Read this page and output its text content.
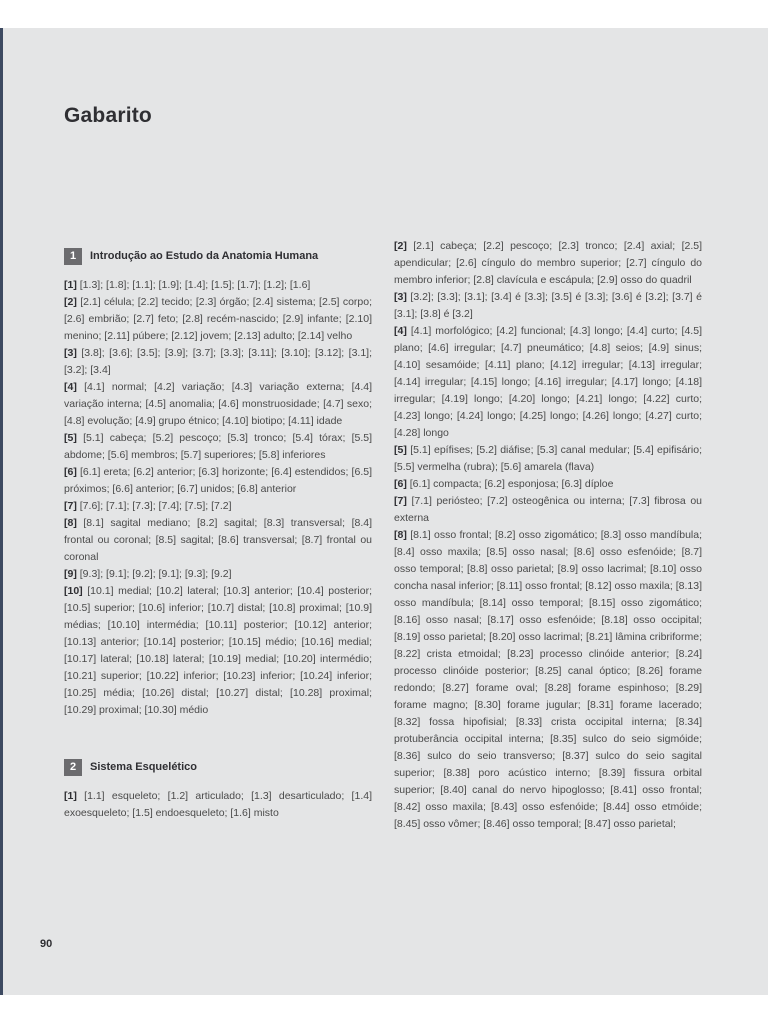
Gabarito
1	Introdução ao Estudo da Anatomia Humana

[1] [1.3]; [1.8]; [1.1]; [1.9]; [1.4]; [1.5]; [1.7]; [1.2]; [1.6]

[2] [2.1] célula; [2.2] tecido; [2.3] órgão; [2.4] sistema; [2.5] corpo; [2.6] embrião; [2.7] feto; [2.8] recém-nascido; [2.9] infante; [2.10] menino; [2.11] púbere; [2.12] jovem; [2.13] adulto; [2.14] velho

[3] [3.8]; [3.6]; [3.5]; [3.9]; [3.7]; [3.3]; [3.11]; [3.10]; [3.12]; [3.1]; [3.2]; [3.4]

[4] [4.1] normal; [4.2] variação; [4.3] variação externa; [4.4] variação interna; [4.5] anomalia; [4.6] monstruosidade; [4.7] sexo; [4.8] evolução; [4.9] grupo étnico; [4.10] biotipo; [4.11] idade

[5] [5.1] cabeça; [5.2] pescoço; [5.3] tronco; [5.4] tórax; [5.5] abdome; [5.6] membros; [5.7] superiores; [5.8] inferiores

[6] [6.1] ereta; [6.2] anterior; [6.3] horizonte; [6.4] estendidos; [6.5] próximos; [6.6] anterior; [6.7] unidos; [6.8] anterior

[7] [7.6]; [7.1]; [7.3]; [7.4]; [7.5]; [7.2]

[8] [8.1] sagital mediano; [8.2] sagital; [8.3] transversal; [8.4] frontal ou coronal; [8.5] sagital; [8.6] transversal; [8.7] frontal ou coronal

[9] [9.3]; [9.1]; [9.2]; [9.1]; [9.3]; [9.2]

[10] [10.1] medial; [10.2] lateral; [10.3] anterior; [10.4] posterior; [10.5] superior; [10.6] inferior; [10.7] distal; [10.8] proximal; [10.9] médias; [10.10] intermédia; [10.11] posterior; [10.12] anterior; [10.13] anterior; [10.14] posterior; [10.15] médio; [10.16] medial; [10.17] lateral; [10.18] lateral; [10.19] medial; [10.20] intermédio; [10.21] superior; [10.22] inferior; [10.23] inferior; [10.24] inferior; [10.25] média; [10.26] distal; [10.27] distal; [10.28] proximal; [10.29] proximal; [10.30] médio

2	Sistema Esquelético

[1] [1.1] esqueleto; [1.2] articulado; [1.3] desarticulado; [1.4] exoesqueleto; [1.5] endoesqueleto; [1.6] misto

[2] [2.1] cabeça; [2.2] pescoço; [2.3] tronco; [2.4] axial; [2.5] apendicular; [2.6] cíngulo do membro superior; [2.7] cíngulo do membro inferior; [2.8] clavícula e escápula; [2.9] osso do quadril

[3] [3.2]; [3.3]; [3.1]; [3.4] é [3.3]; [3.5] é [3.3]; [3.6] é [3.2]; [3.7] é [3.1]; [3.8] é [3.2]

[4] [4.1] morfológico; [4.2] funcional; [4.3] longo; [4.4] curto; [4.5] plano; [4.6] irregular; [4.7] pneumático; [4.8] seios; [4.9] sinus; [4.10] sesamóide; [4.11] plano; [4.12] irregular; [4.13] irregular; [4.14] irregular; [4.15] longo; [4.16] irregular; [4.17] longo; [4.18] irregular; [4.19] longo; [4.20] longo; [4.21] longo; [4.22] curto; [4.23] longo; [4.24] longo; [4.25] longo; [4.26] longo; [4.27] curto; [4.28] longo

[5] [5.1] epífises; [5.2] diáfise; [5.3] canal medular; [5.4] epifisário; [5.5] vermelha (rubra); [5.6] amarela (flava)

[6] [6.1] compacta; [6.2] esponjosa; [6.3] díploe

[7] [7.1] periósteo; [7.2] osteogênica ou interna; [7.3] fibrosa ou externa

[8] [8.1] osso frontal; [8.2] osso zigomático; [8.3] osso mandíbula; [8.4] osso maxila; [8.5] osso nasal; [8.6] osso esfenóide; [8.7] osso temporal; [8.8] osso parietal; [8.9] osso lacrimal; [8.10] osso concha nasal inferior; [8.11] osso frontal; [8.12] osso maxila; [8.13] osso mandíbula; [8.14] osso temporal; [8.15] osso zigomático; [8.16] osso nasal; [8.17] osso esfenóide; [8.18] osso occipital; [8.19] osso parietal; [8.20] osso lacrimal; [8.21] lâmina cribriforme; [8.22] crista etmoidal; [8.23] processo clinóide anterior; [8.24] processo clinóide posterior; [8.25] canal óptico; [8.26] forame redondo; [8.27] forame oval; [8.28] forame espinhoso; [8.29] forame magno; [8.30] forame jugular; [8.31] forame lacerado; [8.32] fossa hipofisial; [8.33] crista occipital interna; [8.34] protuberância occipital interna; [8.35] sulco do seio sigmóide; [8.36] sulco do seio transverso; [8.37] sulco do seio sagital superior; [8.38] poro acústico interno; [8.39] fissura orbital superior; [8.40] canal do nervo hipoglosso; [8.41] osso frontal; [8.42] osso maxila; [8.43] osso esfenóide; [8.44] osso etmóide; [8.45] osso vômer; [8.46] osso temporal; [8.47] osso parietal;

90
